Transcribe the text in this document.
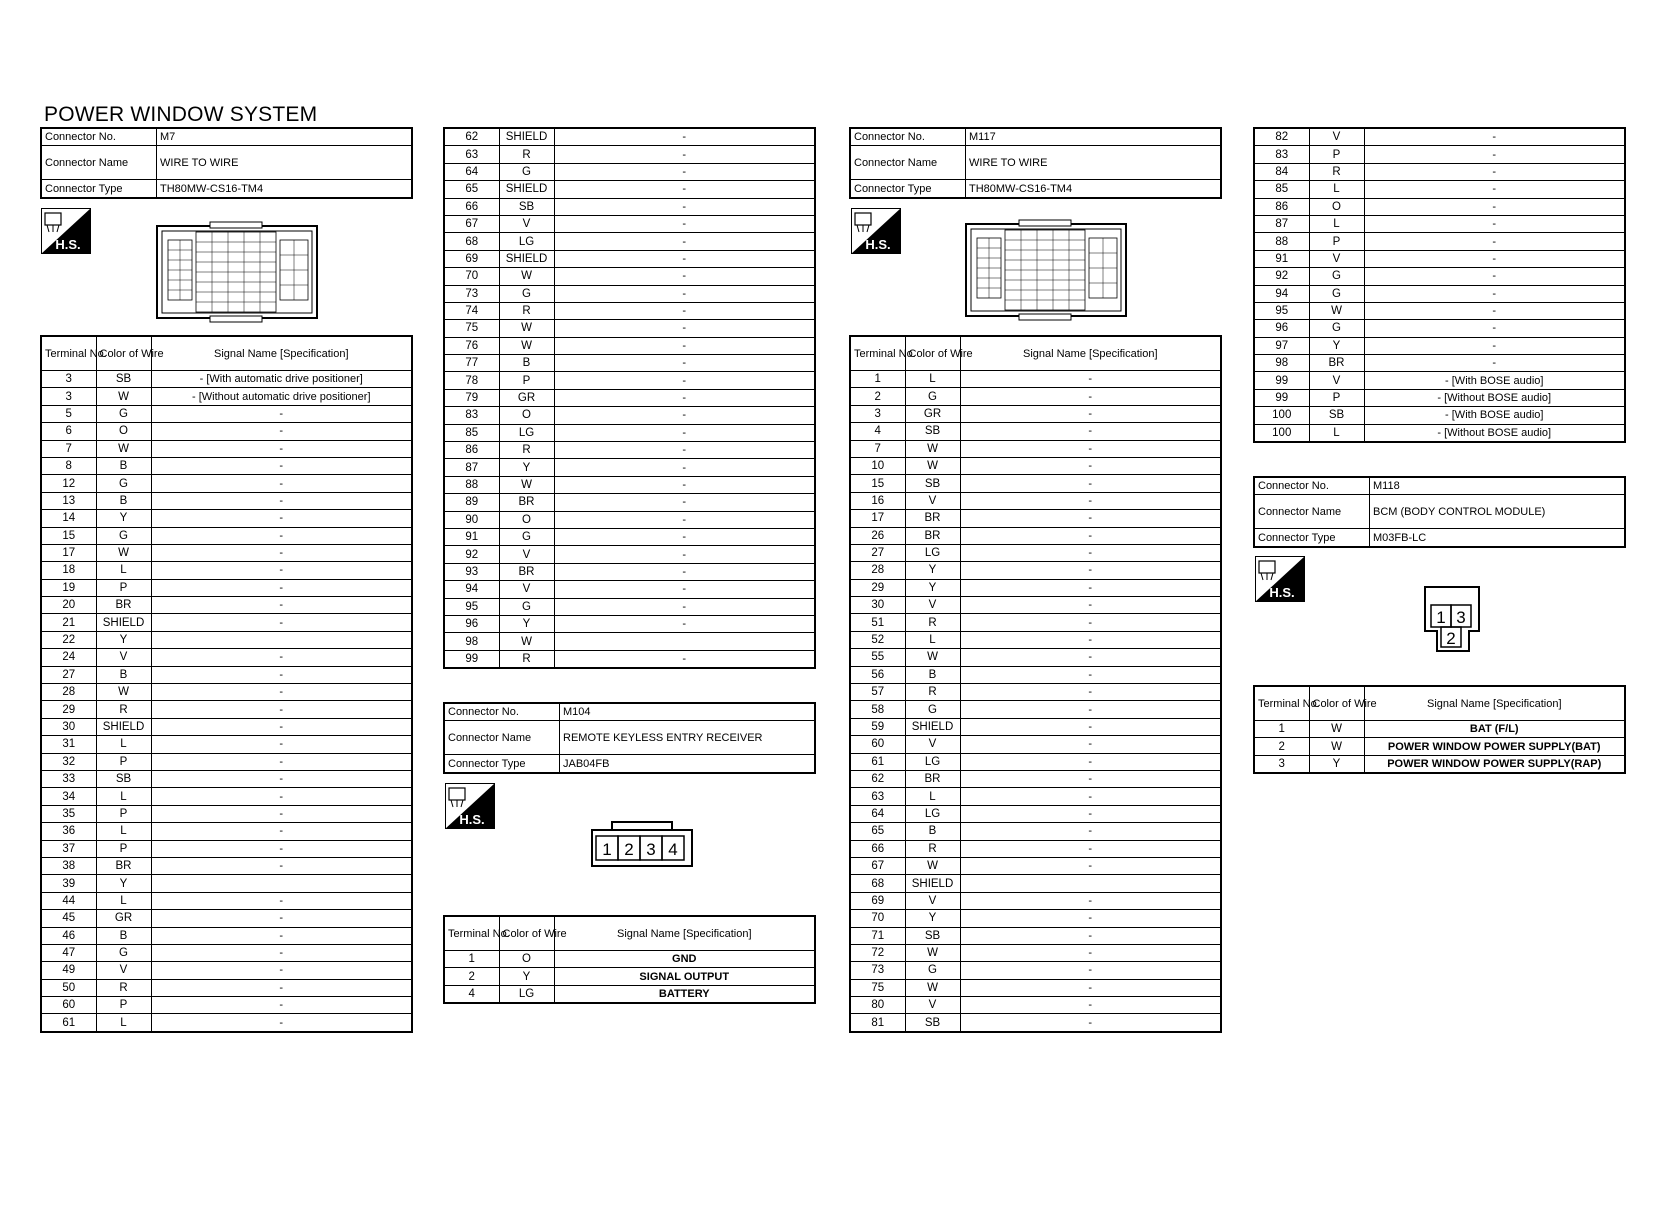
POWER WINDOW SYSTEM
Connector No.	M7
Connector Name	WIRE TO WIRE
Connector Type	TH80MW-CS16-TM4
H.S.
Terminal No.	Color of Wire	Signal Name [Specification]
3	SB	- [With automatic drive positioner]
3	W	- [Without automatic drive positioner]
5	G	-
6	O	-
7	W	-
8	B	-
12	G	-
13	B	-
14	Y	-
15	G	-
17	W	-
18	L	-
19	P	-
20	BR	-
21	SHIELD	-
22	Y	
24	V	-
27	B	-
28	W	-
29	R	-
30	SHIELD	-
31	L	-
32	P	-
33	SB	-
34	L	-
35	P	-
36	L	-
37	P	-
38	BR	-
39	Y	
44	L	-
45	GR	-
46	B	-
47	G	-
49	V	-
50	R	-
60	P	-
61	L	-
62	SHIELD	-
63	R	-
64	G	-
65	SHIELD	-
66	SB	-
67	V	-
68	LG	-
69	SHIELD	-
70	W	-
73	G	-
74	R	-
75	W	-
76	W	-
77	B	-
78	P	-
79	GR	-
83	O	-
85	LG	-
86	R	-
87	Y	-
88	W	-
89	BR	-
90	O	-
91	G	-
92	V	-
93	BR	-
94	V	-
95	G	-
96	Y	-
98	W	
99	R	-
Connector No.	M104
Connector Name	REMOTE KEYLESS ENTRY RECEIVER
Connector Type	JAB04FB
H.S.
1 2 3 4
Terminal No.	Color of Wire	Signal Name [Specification]
1	O	GND
2	Y	SIGNAL OUTPUT
4	LG	BATTERY
Connector No.	M117
Connector Name	WIRE TO WIRE
Connector Type	TH80MW-CS16-TM4
H.S.
Terminal No.	Color of Wire	Signal Name [Specification]
1	L	-
2	G	-
3	GR	-
4	SB	-
7	W	-
10	W	-
15	SB	-
16	V	-
17	BR	-
26	BR	-
27	LG	-
28	Y	-
29	Y	-
30	V	-
51	R	-
52	L	-
55	W	-
56	B	-
57	R	-
58	G	-
59	SHIELD	-
60	V	-
61	LG	-
62	BR	-
63	L	-
64	LG	-
65	B	-
66	R	-
67	W	-
68	SHIELD	
69	V	-
70	Y	-
71	SB	-
72	W	-
73	G	-
75	W	-
80	V	-
81	SB	-
82	V	-
83	P	-
84	R	-
85	L	-
86	O	-
87	L	-
88	P	-
91	V	-
92	G	-
94	G	-
95	W	-
96	G	-
97	Y	-
98	BR	-
99	V	- [With BOSE audio]
99	P	- [Without BOSE audio]
100	SB	- [With BOSE audio]
100	L	- [Without BOSE audio]
Connector No.	M118
Connector Name	BCM (BODY CONTROL MODULE)
Connector Type	M03FB-LC
H.S.
1 3
2
Terminal No.	Color of Wire	Signal Name [Specification]
1	W	BAT (F/L)
2	W	POWER WINDOW POWER SUPPLY(BAT)
3	Y	POWER WINDOW POWER SUPPLY(RAP)
